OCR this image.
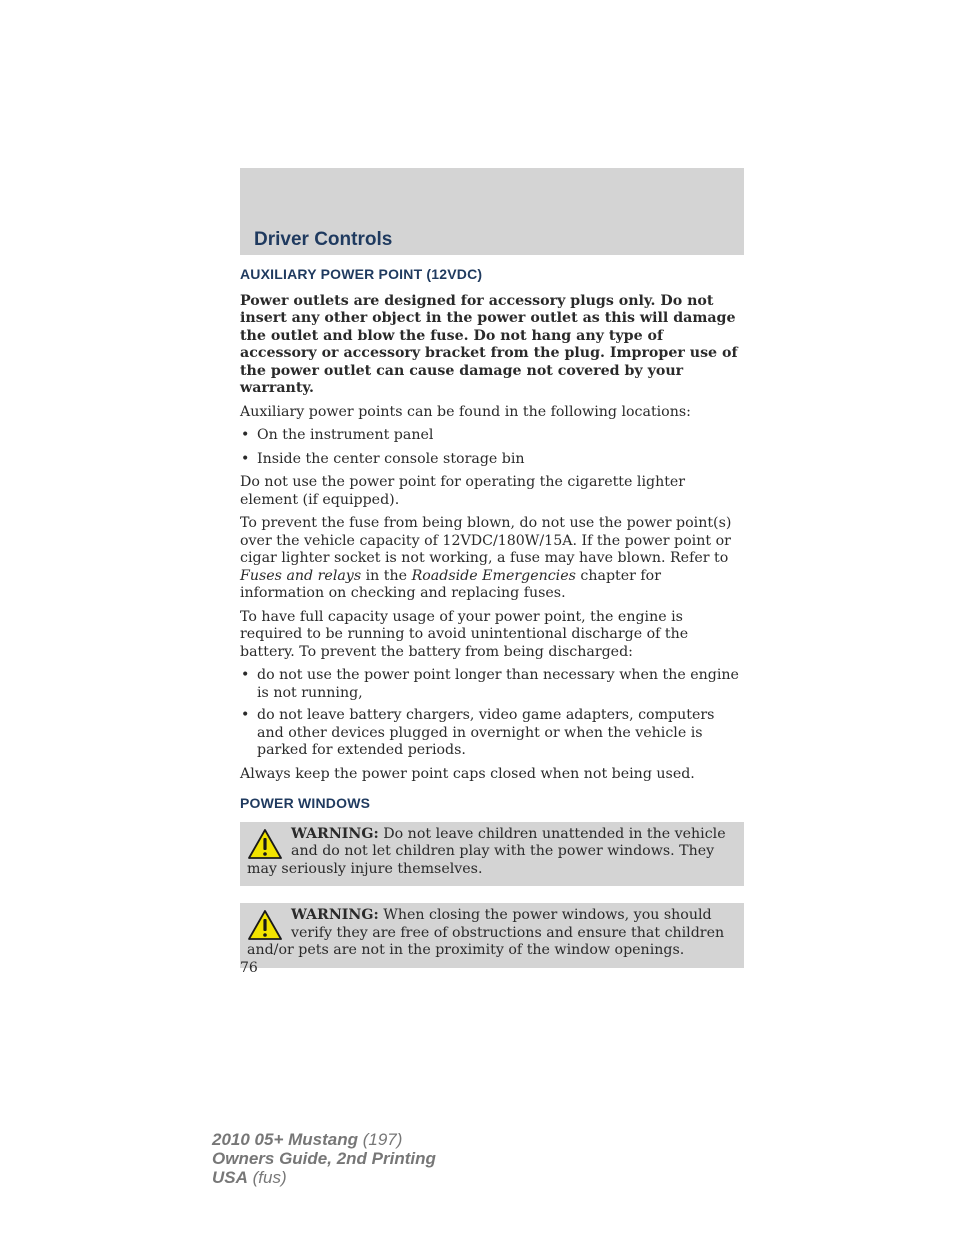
Driver Controls
AUXILIARY POWER POINT (12VDC)

Power outlets are designed for accessory plugs only. Do not insert any other object in the power outlet as this will damage the outlet and blow the fuse. Do not hang any type of accessory or accessory bracket from the plug. Improper use of the power outlet can cause damage not covered by your warranty.

Auxiliary power points can be found in the following locations:

• On the instrument panel
• Inside the center console storage bin

Do not use the power point for operating the cigarette lighter element (if equipped).

To prevent the fuse from being blown, do not use the power point(s) over the vehicle capacity of 12VDC/180W/15A. If the power point or cigar lighter socket is not working, a fuse may have blown. Refer to Fuses and relays in the Roadside Emergencies chapter for information on checking and replacing fuses.

To have full capacity usage of your power point, the engine is required to be running to avoid unintentional discharge of the battery. To prevent the battery from being discharged:

• do not use the power point longer than necessary when the engine is not running,
• do not leave battery chargers, video game adapters, computers and other devices plugged in overnight or when the vehicle is parked for extended periods.

Always keep the power point caps closed when not being used.

POWER WINDOWS
WARNING: Do not leave children unattended in the vehicle and do not let children play with the power windows. They may seriously injure themselves.
WARNING: When closing the power windows, you should verify they are free of obstructions and ensure that children and/or pets are not in the proximity of the window openings.
76
2010 05+ Mustang (197)
Owners Guide, 2nd Printing
USA (fus)
